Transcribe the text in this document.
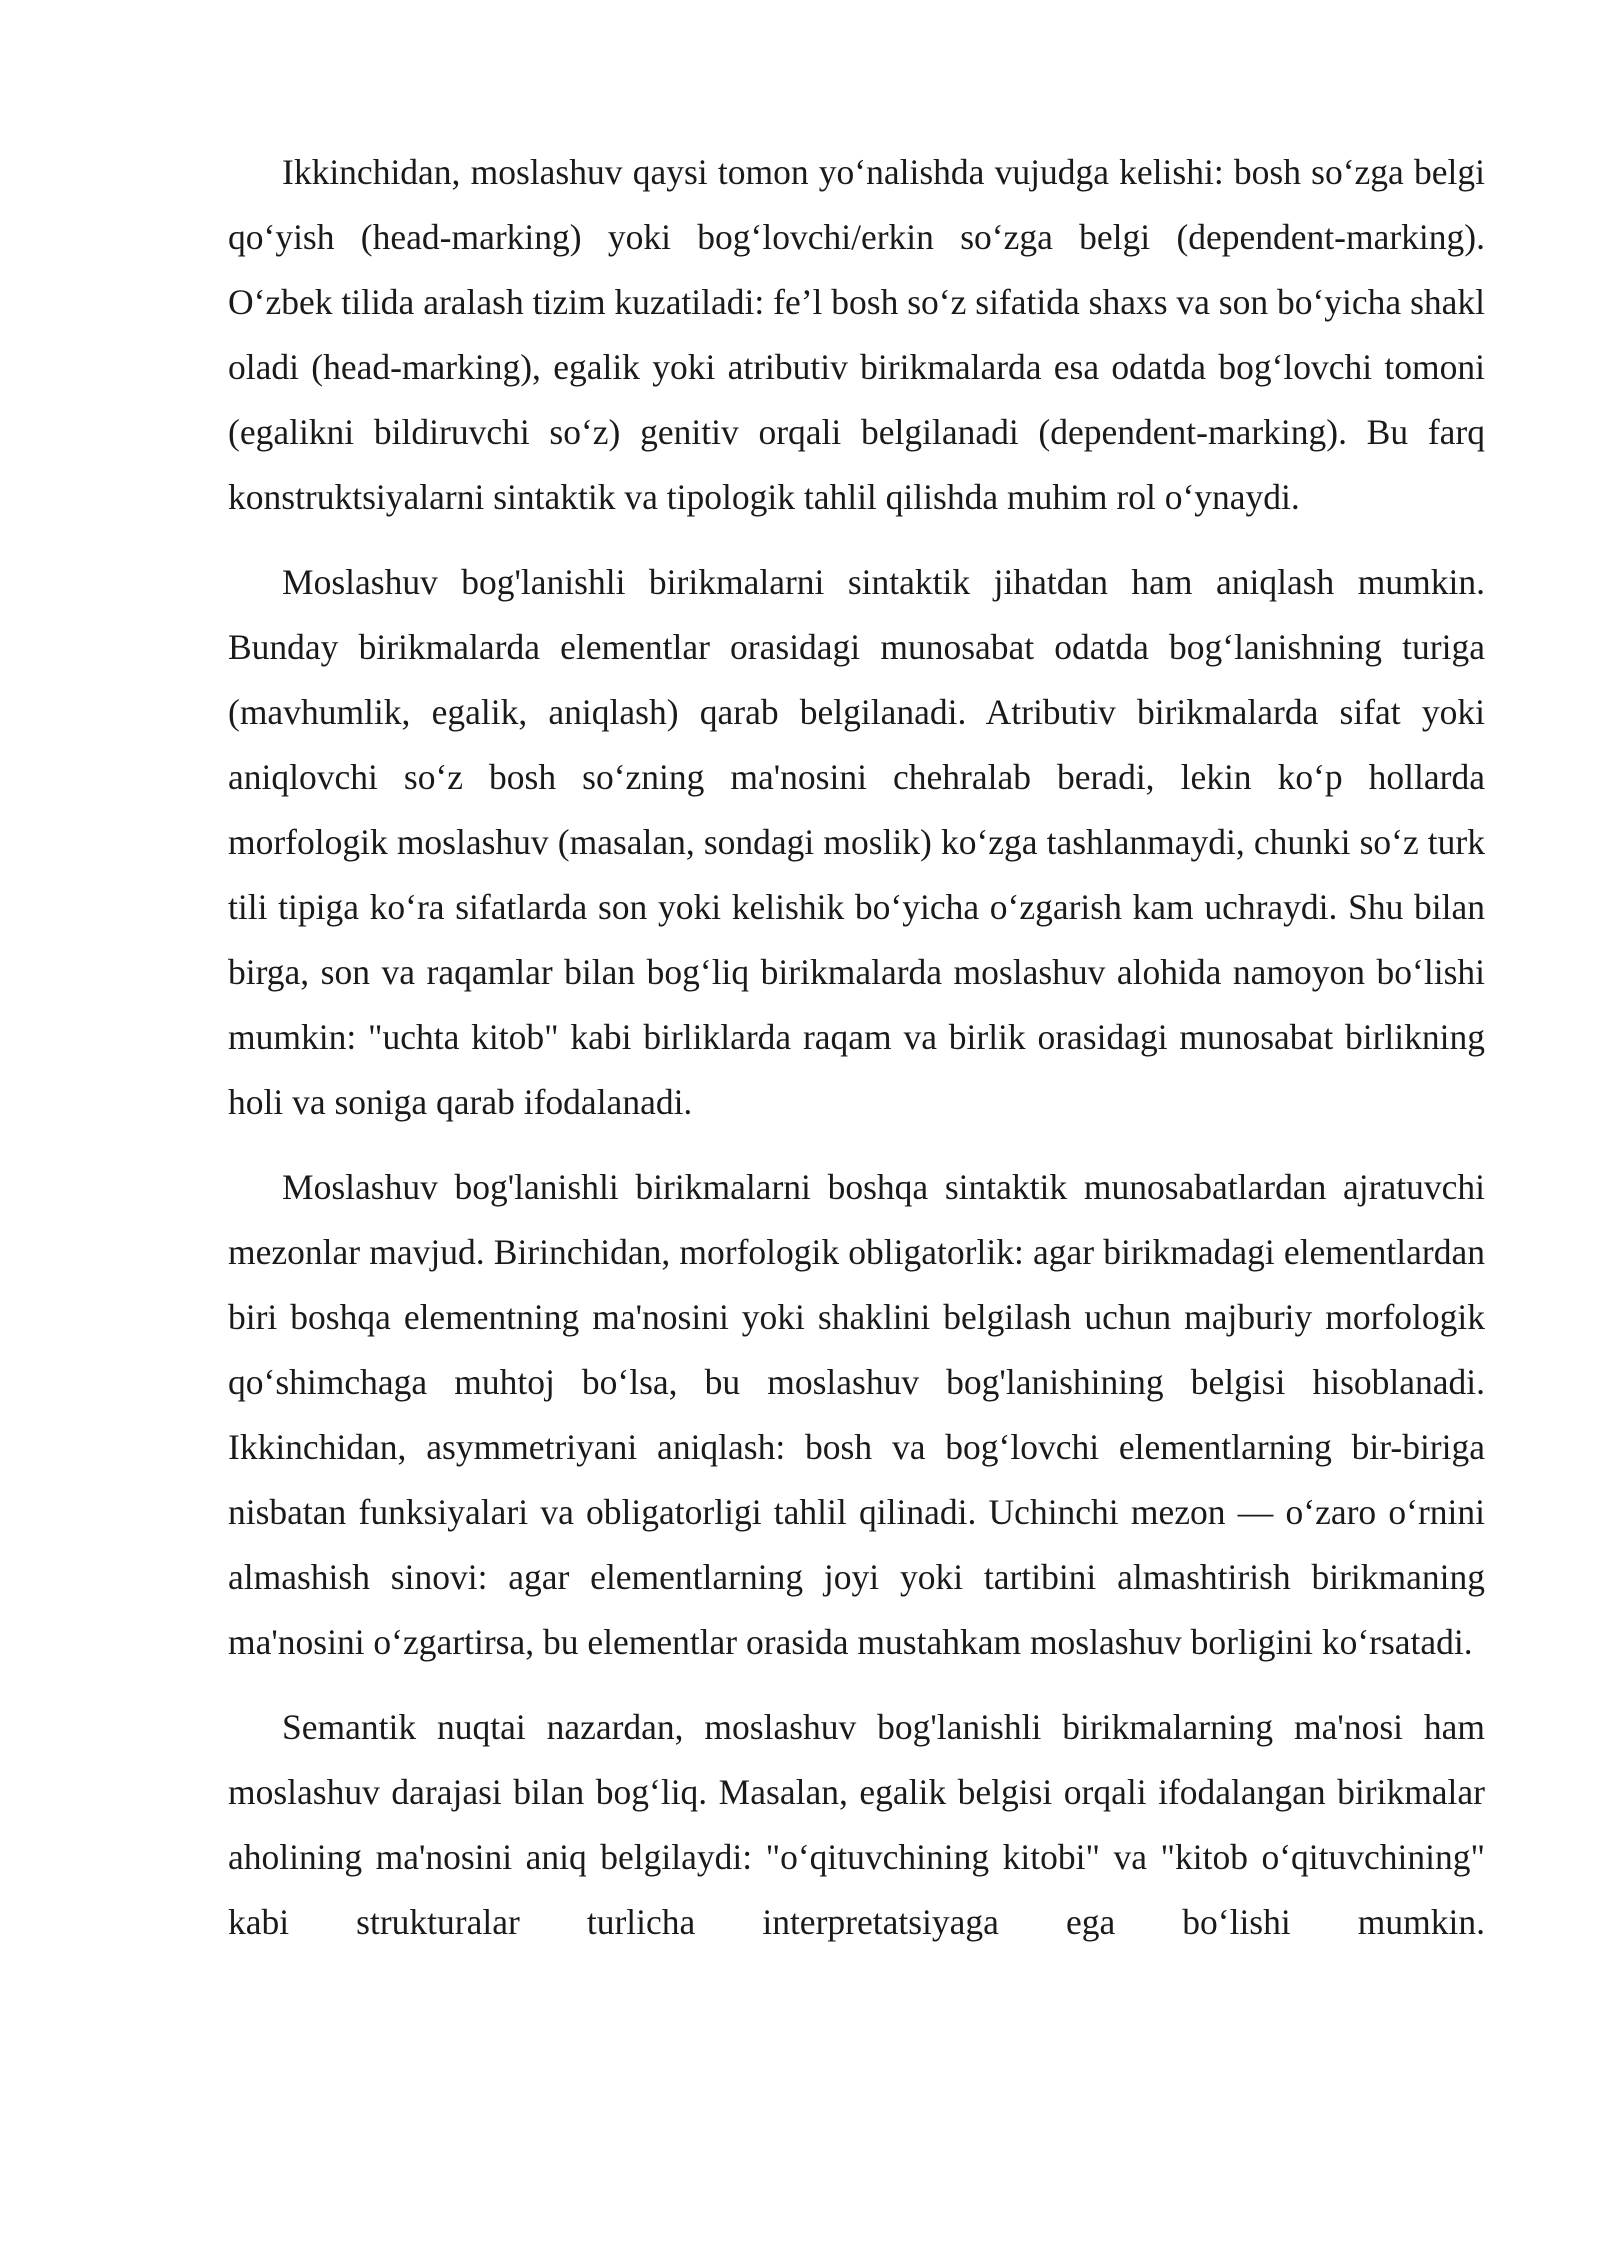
Ikkinchidan, moslashuv qaysi tomon yo‘nalishda vujudga kelishi: bosh so‘zga belgi qo‘yish (head-marking) yoki bog‘lovchi/erkin so‘zga belgi (dependent-marking). O‘zbek tilida aralash tizim kuzatiladi: fe’l bosh so‘z sifatida shaxs va son bo‘yicha shakl oladi (head-marking), egalik yoki atributiv birikmalarda esa odatda bog‘lovchi tomoni (egalikni bildiruvchi so‘z) genitiv orqali belgilanadi (dependent-marking). Bu farq konstruktsiyalarni sintaktik va tipologik tahlil qilishda muhim rol o‘ynaydi.

Moslashuv bog'lanishli birikmalarni sintaktik jihatdan ham aniqlash mumkin. Bunday birikmalarda elementlar orasidagi munosabat odatda bog‘lanishning turiga (mavhumlik, egalik, aniqlash) qarab belgilanadi. Atributiv birikmalarda sifat yoki aniqlovchi so‘z bosh so‘zning ma'nosini chehralab beradi, lekin ko‘p hollarda morfologik moslashuv (masalan, sondagi moslik) ko‘zga tashlanmaydi, chunki so‘z turk tili tipiga ko‘ra sifatlarda son yoki kelishik bo‘yicha o‘zgarish kam uchraydi. Shu bilan birga, son va raqamlar bilan bog‘liq birikmalarda moslashuv alohida namoyon bo‘lishi mumkin: "uchta kitob" kabi birliklarda raqam va birlik orasidagi munosabat birlikning holi va soniga qarab ifodalanadi.

Moslashuv bog'lanishli birikmalarni boshqa sintaktik munosabatlardan ajratuvchi mezonlar mavjud. Birinchidan, morfologik obligatorlik: agar birikmadagi elementlardan biri boshqa elementning ma'nosini yoki shaklini belgilash uchun majburiy morfologik qo‘shimchaga muhtoj bo‘lsa, bu moslashuv bog'lanishining belgisi hisoblanadi. Ikkinchidan, asymmetriyani aniqlash: bosh va bog‘lovchi elementlarning bir-biriga nisbatan funksiyalari va obligatorligi tahlil qilinadi. Uchinchi mezon — o‘zaro o‘rnini almashish sinovi: agar elementlarning joyi yoki tartibini almashtirish birikmaning ma'nosini o‘zgartirsa, bu elementlar orasida mustahkam moslashuv borligini ko‘rsatadi.

Semantik nuqtai nazardan, moslashuv bog'lanishli birikmalarning ma'nosi ham moslashuv darajasi bilan bog‘liq. Masalan, egalik belgisi orqali ifodalangan birikmalar aholining ma'nosini aniq belgilaydi: "o‘qituvchining kitobi" va "kitob o‘qituvchining" kabi strukturalar turlicha interpretatsiyaga ega bo‘lishi mumkin.
